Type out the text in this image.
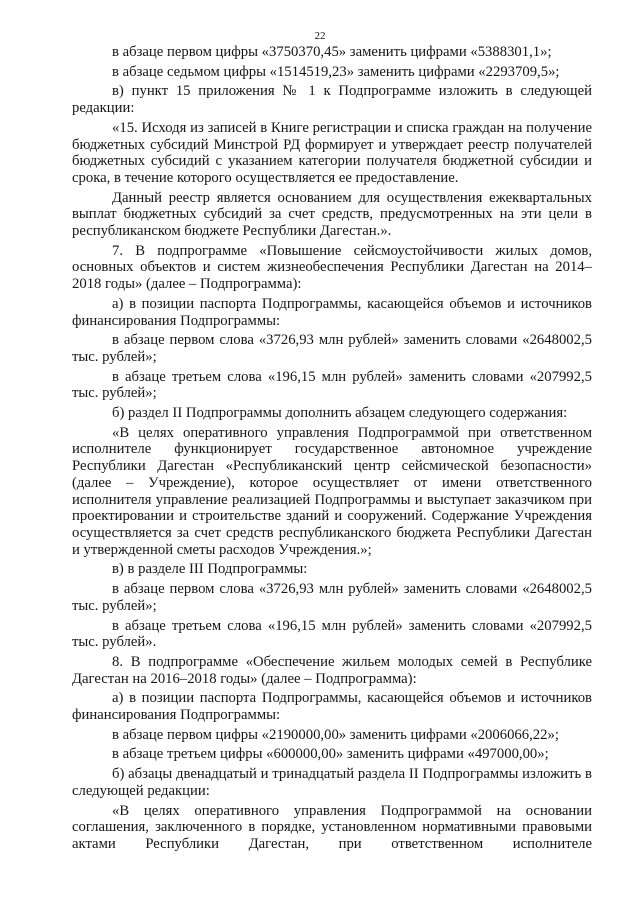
22

в абзаце первом цифры «3750370,45» заменить цифрами «5388301,1»;

в абзаце седьмом цифры «1514519,23» заменить цифрами «2293709,5»;

в) пункт 15 приложения № 1 к Подпрограмме изложить в следующей редакции:

«15. Исходя из записей в Книге регистрации и списка граждан на получение бюджетных субсидий Минстрой РД формирует и утверждает реестр получателей бюджетных субсидий с указанием категории получателя бюджетной субсидии и срока, в течение которого осуществляется ее предоставление.

Данный реестр является основанием для осуществления ежеквартальных выплат бюджетных субсидий за счет средств, предусмотренных на эти цели в республиканском бюджете Республики Дагестан.».

7. В подпрограмме «Повышение сейсмоустойчивости жилых домов, основных объектов и систем жизнеобеспечения Республики Дагестан на 2014–2018 годы» (далее – Подпрограмма):

а) в позиции паспорта Подпрограммы, касающейся объемов и источников финансирования Подпрограммы:

в абзаце первом слова «3726,93 млн рублей» заменить словами «2648002,5 тыс. рублей»;

в абзаце третьем слова «196,15 млн рублей» заменить словами «207992,5 тыс. рублей»;

б) раздел II Подпрограммы дополнить абзацем следующего содержания:

«В целях оперативного управления Подпрограммой при ответственном исполнителе функционирует государственное автономное учреждение Республики Дагестан «Республиканский центр сейсмической безопасности» (далее – Учреждение), которое осуществляет от имени ответственного исполнителя управление реализацией Подпрограммы и выступает заказчиком при проектировании и строительстве зданий и сооружений. Содержание Учреждения осуществляется за счет средств республиканского бюджета Республики Дагестан и утвержденной сметы расходов Учреждения.»;

в) в разделе III Подпрограммы:

в абзаце первом слова «3726,93 млн рублей» заменить словами «2648002,5 тыс. рублей»;

в абзаце третьем слова «196,15 млн рублей» заменить словами «207992,5 тыс. рублей».

8. В подпрограмме «Обеспечение жильем молодых семей в Республике Дагестан на 2016–2018 годы» (далее – Подпрограмма):

а) в позиции паспорта Подпрограммы, касающейся объемов и источников финансирования Подпрограммы:

в абзаце первом цифры «2190000,00» заменить цифрами «2006066,22»;

в абзаце третьем цифры «600000,00» заменить цифрами «497000,00»;

б) абзацы двенадцатый и тринадцатый раздела II Подпрограммы изложить в следующей редакции:

«В целях оперативного управления Подпрограммой на основании соглашения, заключенного в порядке, установленном нормативными правовыми актами Республики Дагестан, при ответственном исполнителе
